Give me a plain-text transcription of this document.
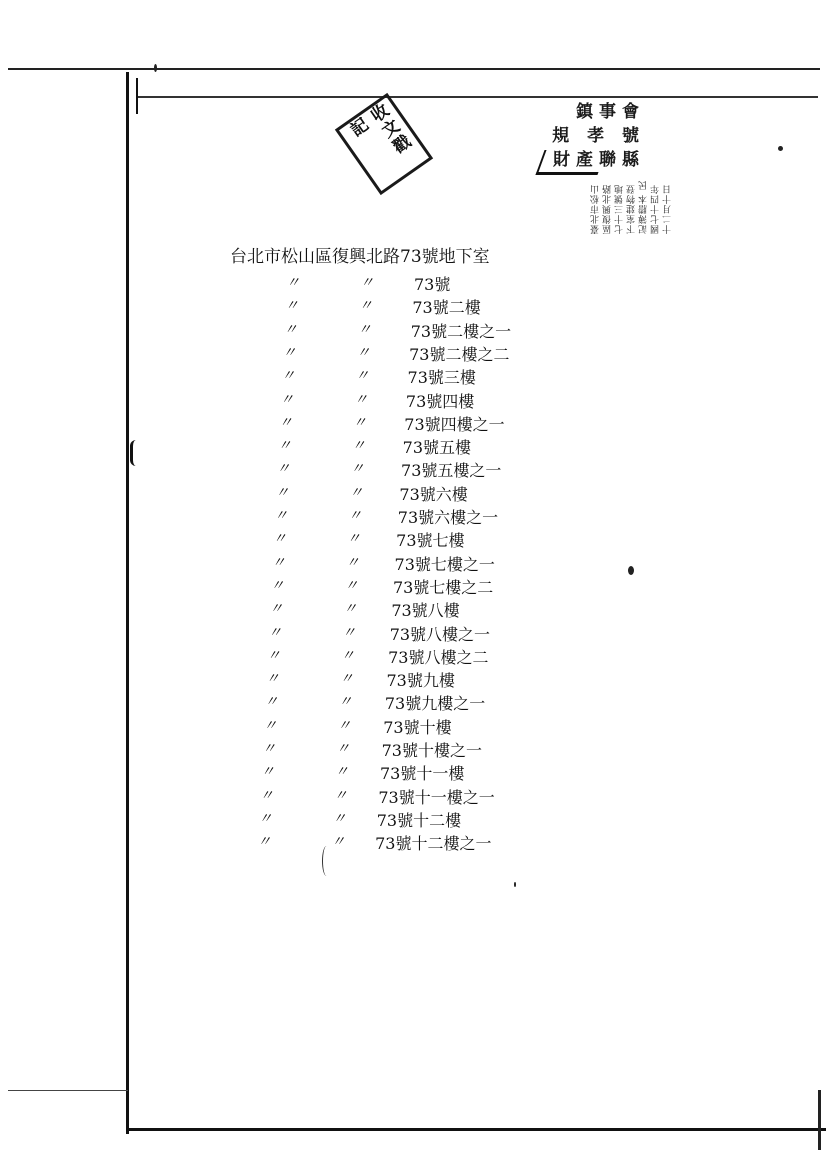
收文戳記
鎮事會
規 孝 號
財產聯縣
臺北市松山區復興北路七十三號地下室建物登記簿謄本 民國七十四年十二月十日
台北市松山區復興北路73號地下室
〃	〃	73號
〃	〃 73號二樓
〃	〃 73號二樓之一
〃	〃 73號二樓之二
〃	〃 73號三樓
〃	〃 73號四樓
〃	〃 73號四樓之一
〃	〃 73號五樓
〃	〃 73號五樓之一
〃	〃 73號六樓
〃	〃 73號六樓之一
〃	〃 73號七樓
〃	〃 73號七樓之一
〃	〃 73號七樓之二
〃	〃 73號八樓
〃	〃 73號八樓之一
〃	〃 73號八樓之二
〃	〃 73號九樓
〃	〃 73號九樓之一
〃	〃 73號十樓
〃	〃 73號十樓之一
〃	〃 73號十一樓
〃	〃 73號十一樓之一
〃	〃 73號十二樓
〃	〃 73號十二樓之一
